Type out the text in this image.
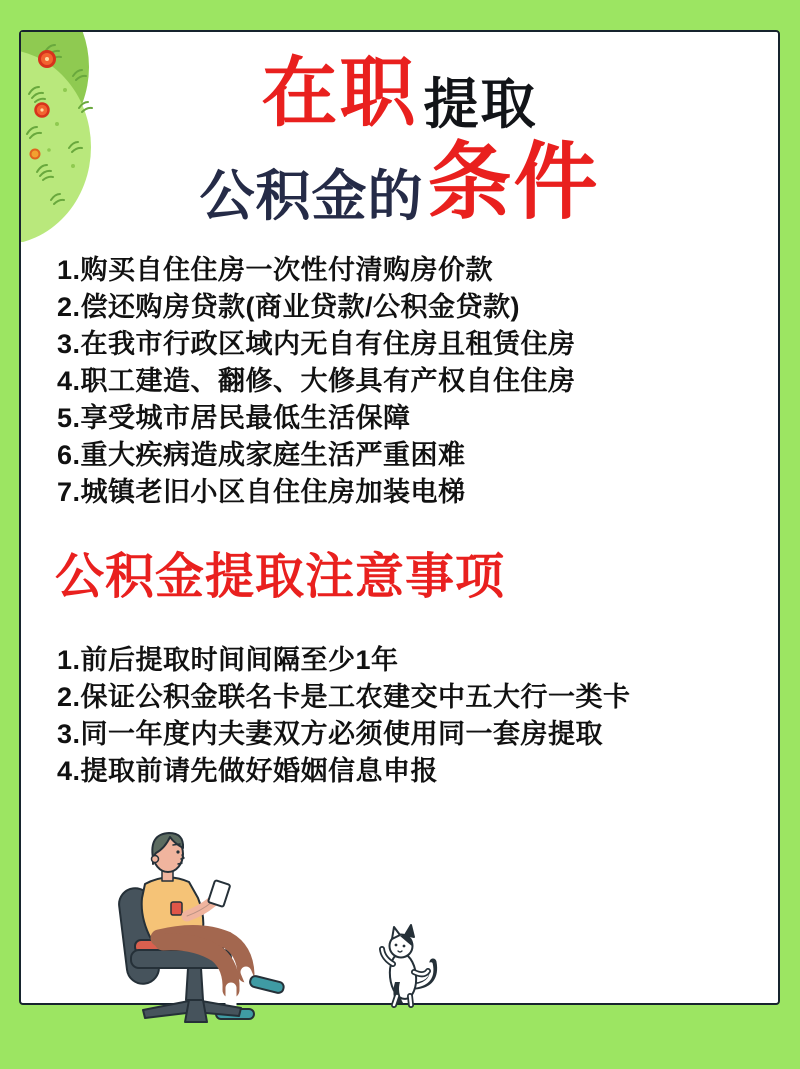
在职 提取
公积金的 条件
1.购买自住住房一次性付清购房价款
2.偿还购房贷款(商业贷款/公积金贷款)
3.在我市行政区域内无自有住房且租赁住房
4.职工建造、翻修、大修具有产权自住住房
5.享受城市居民最低生活保障
6.重大疾病造成家庭生活严重困难
7.城镇老旧小区自住住房加装电梯
公积金提取注意事项
1.前后提取时间间隔至少1年
2.保证公积金联名卡是工农建交中五大行一类卡
3.同一年度内夫妻双方必须使用同一套房提取
4.提取前请先做好婚姻信息申报
